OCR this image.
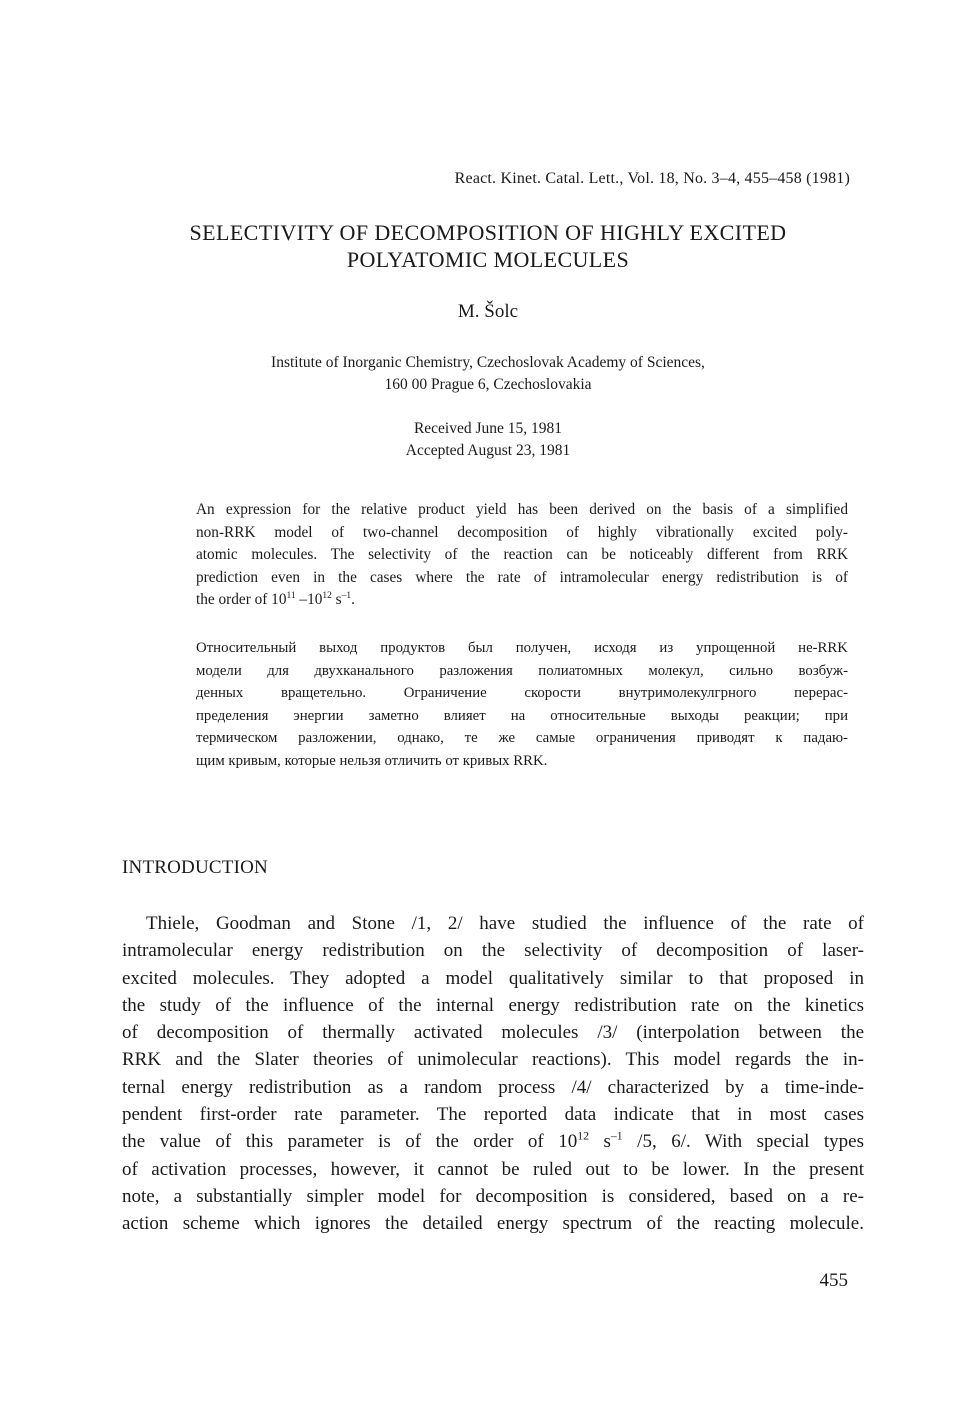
React. Kinet. Catal. Lett., Vol. 18, No. 3–4, 455–458 (1981)
SELECTIVITY OF DECOMPOSITION OF HIGHLY EXCITED
POLYATOMIC MOLECULES
M. Šolc
Institute of Inorganic Chemistry, Czechoslovak Academy of Sciences,
160 00 Prague 6, Czechoslovakia
Received June 15, 1981
Accepted August 23, 1981
An expression for the relative product yield has been derived on the basis of a simplified
non-RRK model of two-channel decomposition of highly vibrationally excited poly-
atomic molecules. The selectivity of the reaction can be noticeably different from RRK
prediction even in the cases where the rate of intramolecular energy redistribution is of
the order of $10^{11}$ $-10^{12}$ $s^{-1}$.
Относительный выход продуктов был получен, исходя из упрощенной не-RRK
модели для двухканального разложения полиатомных молекул, сильно возбуж-
денных вращетельно. Ограничение скорости внутримолекулгрного перерас-
пределения энергии заметно влияет на относительные выходы реакции; при
термическом разложении, однако, те же самые ограничения приводят к падаю-
щим кривым, которые нельзя отличить от кривых RRK.
INTRODUCTION
Thiele, Goodman and Stone /1, 2/ have studied the influence of the rate of
intramolecular energy redistribution on the selectivity of decomposition of laser-
excited molecules. They adopted a model qualitatively similar to that proposed in
the study of the influence of the internal energy redistribution rate on the kinetics
of decomposition of thermally activated molecules /3/ (interpolation between the
RRK and the Slater theories of unimolecular reactions). This model regards the in-
ternal energy redistribution as a random process /4/ characterized by a time-inde-
pendent first-order rate parameter. The reported data indicate that in most cases
the value of this parameter is of the order of $10^{12}$ $s^{-1}$ /5, 6/. With special types
of activation processes, however, it cannot be ruled out to be lower. In the present
note, a substantially simpler model for decomposition is considered, based on a re-
action scheme which ignores the detailed energy spectrum of the reacting molecule.
455
